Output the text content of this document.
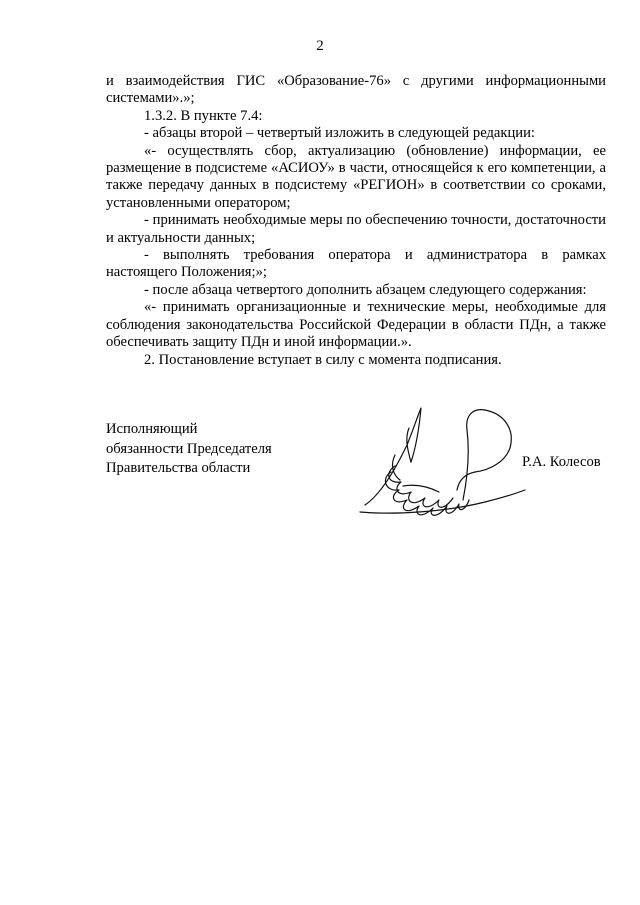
2

и взаимодействия ГИС «Образование-76» с другими информационными системами».»;

1.3.2. В пункте 7.4:

- абзацы второй – четвертый изложить в следующей редакции:

«- осуществлять сбор, актуализацию (обновление) информации, ее размещение в подсистеме «АСИОУ» в части, относящейся к его компетенции, а также передачу данных в подсистему «РЕГИОН» в соответствии со сроками, установленными оператором;

- принимать необходимые меры по обеспечению точности, достаточности и актуальности данных;

- выполнять требования оператора и администратора в рамках настоящего Положения;»;

- после абзаца четвертого дополнить абзацем следующего содержания:

«- принимать организационные и технические меры, необходимые для соблюдения законодательства Российской Федерации в области ПДн, а также обеспечивать защиту ПДн и иной информации.».

2. Постановление вступает в силу с момента подписания.

Исполняющий
обязанности Председателя
Правительства области	Р.А. Колесов
